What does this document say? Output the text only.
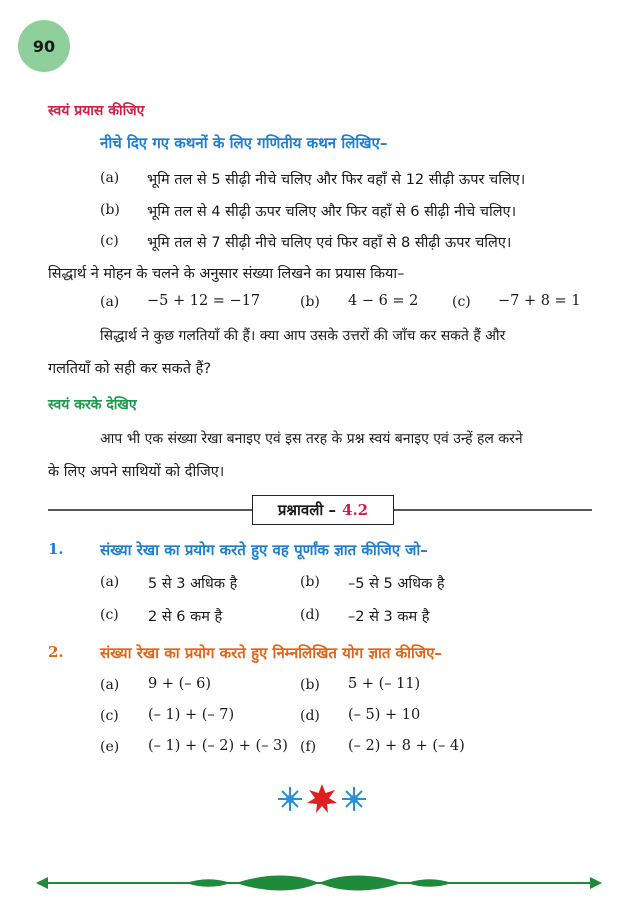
90
स्वयं प्रयास कीजिए
नीचे दिए गए कथनों के लिए गणितीय कथन लिखिए–
(a) भूमि तल से 5 सीढ़ी नीचे चलिए और फिर वहाँ से 12 सीढ़ी ऊपर चलिए।
(b) भूमि तल से 4 सीढ़ी ऊपर चलिए और फिर वहाँ से 6 सीढ़ी नीचे चलिए।
(c) भूमि तल से 7 सीढ़ी नीचे चलिए एवं फिर वहाँ से 8 सीढ़ी ऊपर चलिए।
सिद्धार्थ ने मोहन के चलने के अनुसार संख्या लिखने का प्रयास किया–
(a) −5 + 12 = −17	(b) 4 − 6 = 2 (c) −7 + 8 = 1
सिद्धार्थ ने कुछ गलतियाँ की हैं। क्या आप उसके उत्तरों की जाँच कर सकते हैं और
गलतियाँ को सही कर सकते हैं?
स्वयं करके देखिए
आप भी एक संख्या रेखा बनाइए एवं इस तरह के प्रश्न स्वयं बनाइए एवं उन्हें हल करने
के लिए अपने साथियों को दीजिए।
प्रश्नावली – 4.2
1. संख्या रेखा का प्रयोग करते हुए वह पूर्णांक ज्ञात कीजिए जो–
(a) 5 से 3 अधिक है	(b) –5 से 5 अधिक है
(c) 2 से 6 कम है	(d) –2 से 3 कम है
2. संख्या रेखा का प्रयोग करते हुए निम्नलिखित योग ज्ञात कीजिए–
(a) 9 + (– 6)	(b) 5 + (– 11)
(c) (– 1) + (– 7)	(d) (– 5) + 10
(e) (– 1) + (– 2) + (– 3) (f) (– 2) + 8 + (– 4)
